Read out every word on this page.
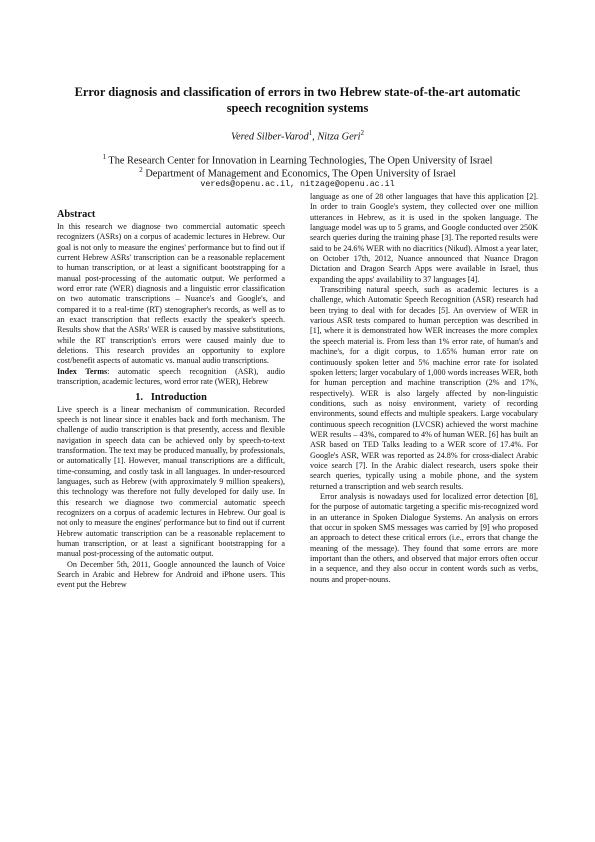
Error diagnosis and classification of errors in two Hebrew state-of-the-art automatic speech recognition systems
Vered Silber-Varod$^1$, Nitza Geri$^2$
$^1$ The Research Center for Innovation in Learning Technologies, The Open University of Israel
$^2$ Department of Management and Economics, The Open University of Israel
vereds@openu.ac.il, nitzage@openu.ac.il
Abstract

In this research we diagnose two commercial automatic speech recognizers (ASRs) on a corpus of academic lectures in Hebrew. Our goal is not only to measure the engines' performance but to find out if current Hebrew ASRs' transcription can be a reasonable replacement to human transcription, or at least a significant bootstrapping for a manual post-processing of the automatic output. We performed a word error rate (WER) diagnosis and a linguistic error classification on two automatic transcriptions – Nuance's and Google's, and compared it to a real-time (RT) stenographer's records, as well as to an exact transcription that reflects exactly the speaker's speech. Results show that the ASRs' WER is caused by massive substitutions, while the RT transcription's errors were caused mainly due to deletions. This research provides an opportunity to explore cost/benefit aspects of automatic vs. manual audio transcriptions.

Index Terms: automatic speech recognition (ASR), audio transcription, academic lectures, word error rate (WER), Hebrew

1. Introduction

Live speech is a linear mechanism of communication. Recorded speech is not linear since it enables back and forth mechanism. The challenge of audio transcription is that presently, access and flexible navigation in speech data can be achieved only by speech-to-text transformation. The text may be produced manually, by professionals, or automatically [1]. However, manual transcriptions are a difficult, time-consuming, and costly task in all languages. In under-resourced languages, such as Hebrew (with approximately 9 million speakers), this technology was therefore not fully developed for daily use. In this research we diagnose two commercial automatic speech recognizers on a corpus of academic lectures in Hebrew. Our goal is not only to measure the engines' performance but to find out if current Hebrew automatic transcription can be a reasonable replacement to human transcription, or at least a significant bootstrapping for a manual post-processing of the automatic output.

On December 5th, 2011, Google announced the launch of Voice Search in Arabic and Hebrew for Android and iPhone users. This event put the Hebrew

language as one of 28 other languages that have this application [2]. In order to train Google's system, they collected over one million utterances in Hebrew, as it is used in the spoken language. The language model was up to 5 grams, and Google conducted over 250K search queries during the training phase [3]. The reported results were said to be 24.6% WER with no diacritics (Nikud). Almost a year later, on October 17th, 2012, Nuance announced that Nuance Dragon Dictation and Dragon Search Apps were available in Israel, thus expanding the apps' availability to 37 languages [4].

Transcribing natural speech, such as academic lectures is a challenge, which Automatic Speech Recognition (ASR) research had been trying to deal with for decades [5]. An overview of WER in various ASR tests compared to human perception was described in [1], where it is demonstrated how WER increases the more complex the speech material is. From less than 1% error rate, of human's and machine's, for a digit corpus, to 1.65% human error rate on continuously spoken letter and 5% machine error rate for isolated spoken letters; larger vocabulary of 1,000 words increases WER, both for human perception and machine transcription (2% and 17%, respectively). WER is also largely affected by non-linguistic conditions, such as noisy environment, variety of recording environments, sound effects and multiple speakers. Large vocabulary continuous speech recognition (LVCSR) achieved the worst machine WER results – 43%, compared to 4% of human WER. [6] has built an ASR based on TED Talks leading to a WER score of 17.4%. For Google's ASR, WER was reported as 24.8% for cross-dialect Arabic voice search [7]. In the Arabic dialect research, users spoke their search queries, typically using a mobile phone, and the system returned a transcription and web search results.

Error analysis is nowadays used for localized error detection [8], for the purpose of automatic targeting a specific mis-recognized word in an utterance in Spoken Dialogue Systems. An analysis on errors that occur in spoken SMS messages was carried by [9] who proposed an approach to detect these critical errors (i.e., errors that change the meaning of the message). They found that some errors are more important than the others, and observed that major errors often occur in a sequence, and they also occur in content words such as verbs, nouns and proper-nouns.
